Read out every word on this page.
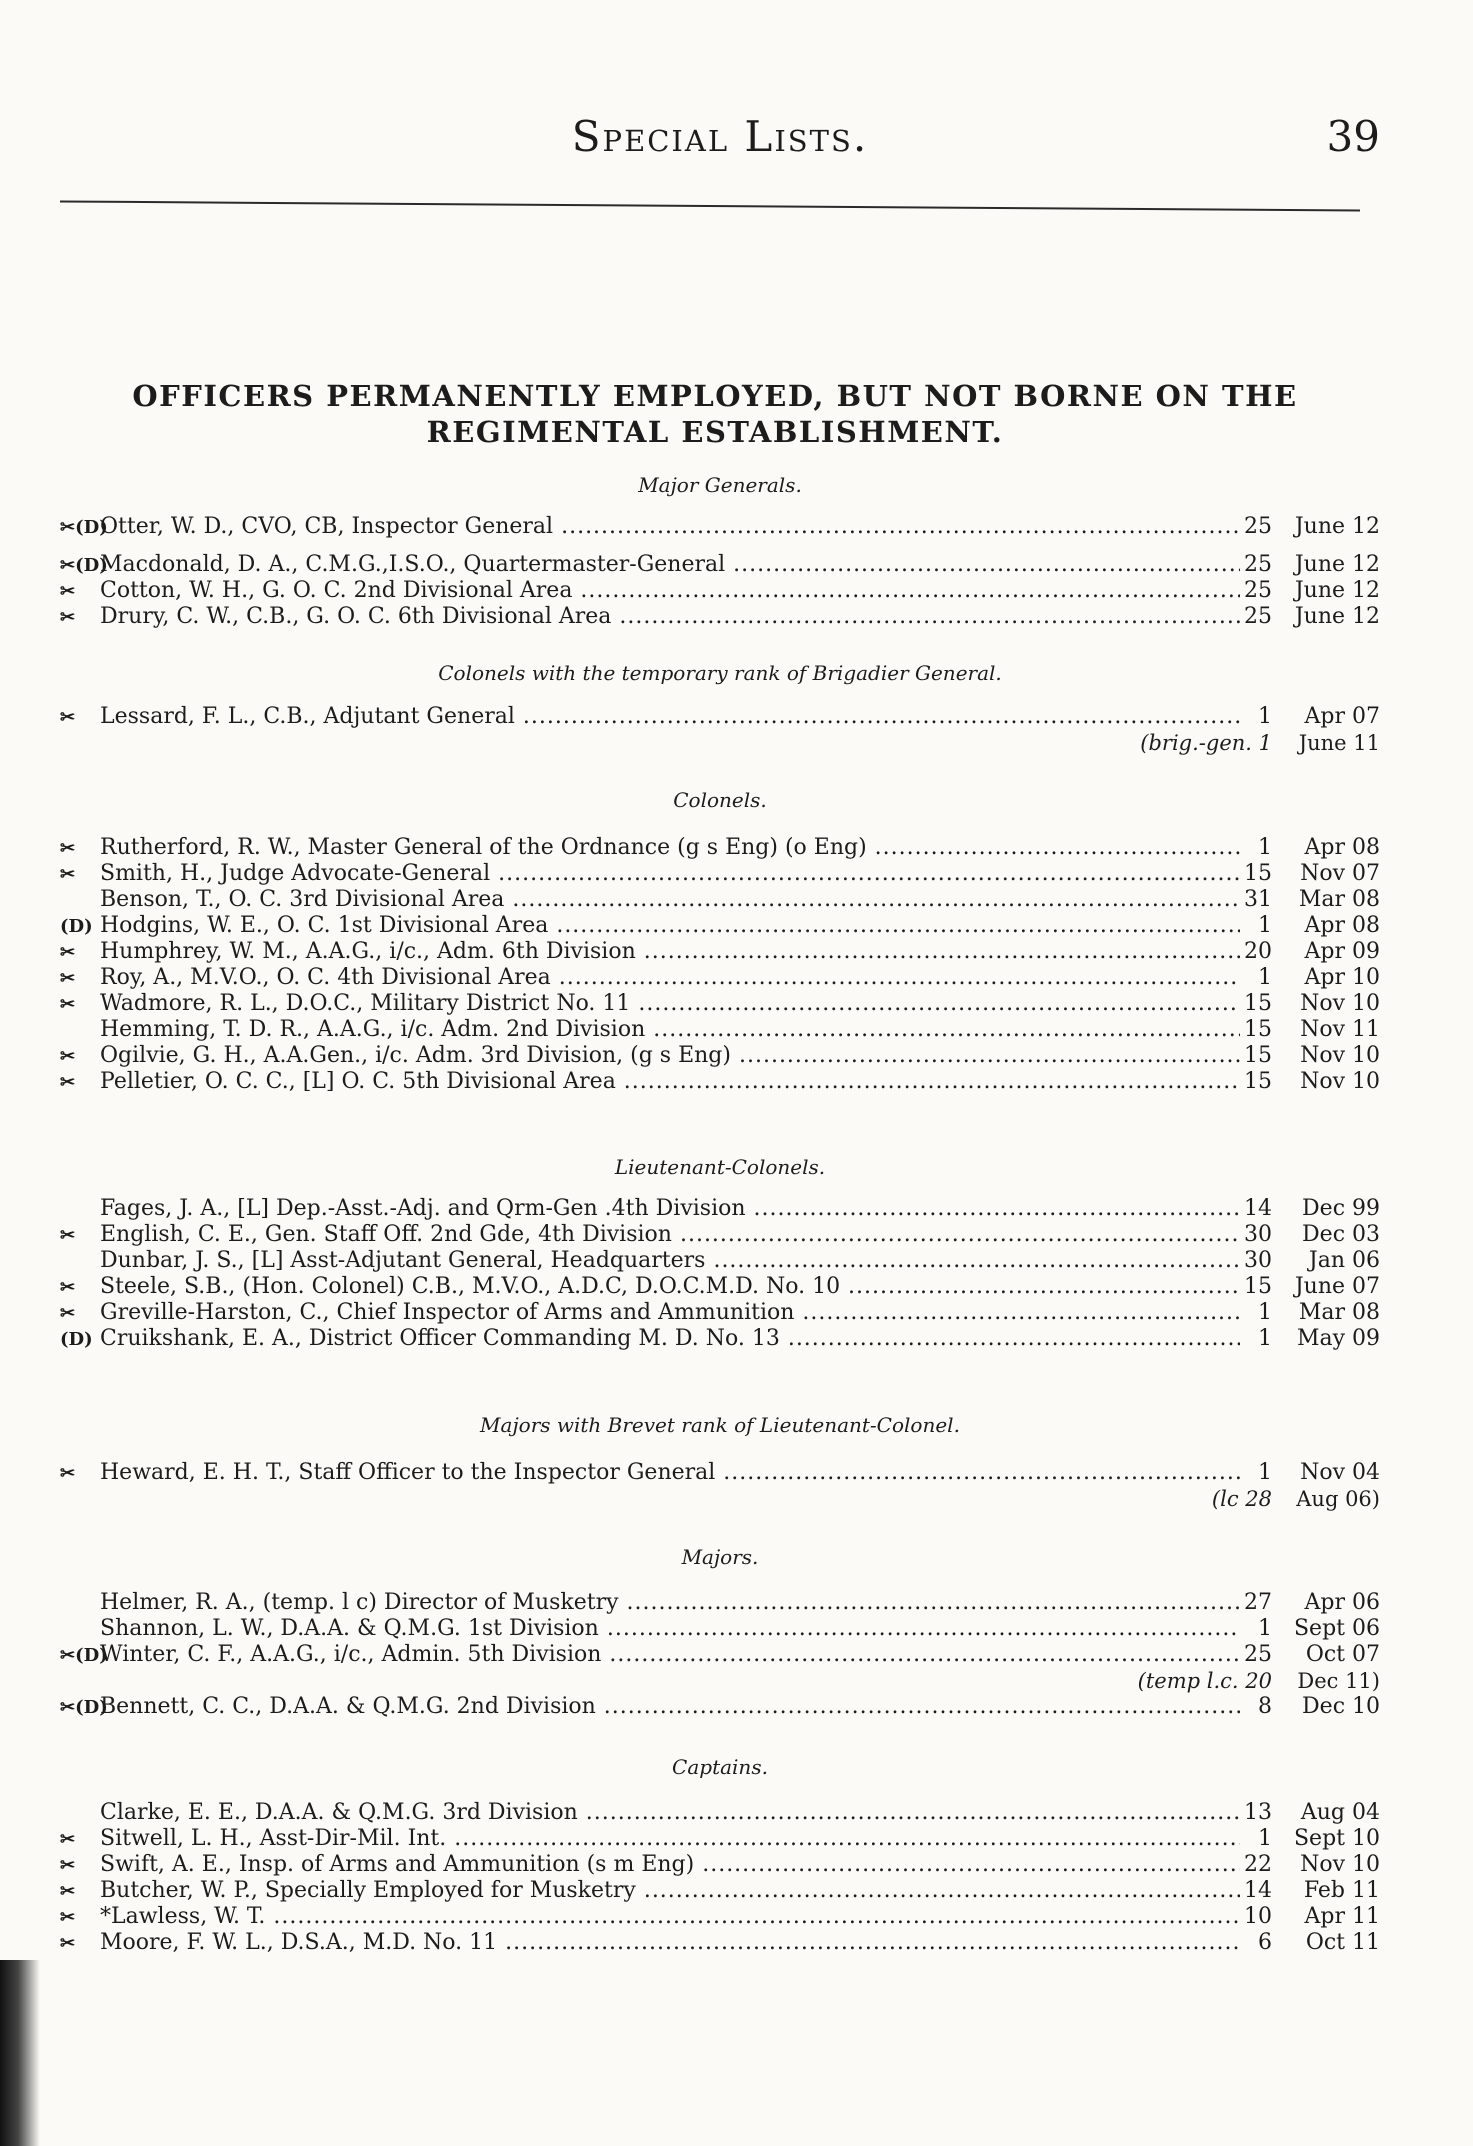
Special Lists.	39
OFFICERS PERMANENTLY EMPLOYED, BUT NOT BORNE ON THE
REGIMENTAL ESTABLISHMENT.
Major Generals.
✂(D)
Otter, W. D., CVO, CB, Inspector General .....	25	June 12
✂(D)
Macdonald, D. A., C.M.G.,I.S.O., Quartermaster-General .....	25	June 12
✂ Cotton, W. H., G. O. C. 2nd Divisional Area .....	25	June 12
✂ Drury, C. W., C.B., G. O. C. 6th Divisional Area .....	25	June 12
Colonels with the temporary rank of Brigadier General.
✂ Lessard, F. L., C.B., Adjutant General .....	1	Apr 07
(brig.-gen. 1	June 11
Colonels.
✂ Rutherford, R. W., Master General of the Ordnance (g s Eng) (o Eng) .....	1	Apr 08
✂ Smith, H., Judge Advocate-General .....	15	Nov 07
Benson, T., O. C. 3rd Divisional Area .....	31	Mar 08
(D) Hodgins, W. E., O. C. 1st Divisional Area .....	1	Apr 08
✂ Humphrey, W. M., A.A.G., i/c., Adm. 6th Division .....	20	Apr 09
✂ Roy, A., M.V.O., O. C. 4th Divisional Area .....	1	Apr 10
✂ Wadmore, R. L., D.O.C., Military District No. 11 .....	15	Nov 10
Hemming, T. D. R., A.A.G., i/c. Adm. 2nd Division .....	15	Nov 11
✂ Ogilvie, G. H., A.A.Gen., i/c. Adm. 3rd Division, (g s Eng) .....	15	Nov 10
✂ Pelletier, O. C. C., [L] O. C. 5th Divisional Area .....	15	Nov 10
Lieutenant-Colonels.
Fages, J. A., [L] Dep.-Asst.-Adj. and Qrm-Gen .4th Division .....	14	Dec 99
✂ English, C. E., Gen. Staff Off. 2nd Gde, 4th Division .....	30	Dec 03
Dunbar, J. S., [L] Asst-Adjutant General, Headquarters .....	30	Jan 06
✂ Steele, S.B., (Hon. Colonel) C.B., M.V.O., A.D.C, D.O.C.M.D. No. 10 .....	15	June 07
✂ Greville-Harston, C., Chief Inspector of Arms and Ammunition .....	1	Mar 08
(D) Cruikshank, E. A., District Officer Commanding M. D. No. 13 .....	1	May 09
Majors with Brevet rank of Lieutenant-Colonel.
✂ Heward, E. H. T., Staff Officer to the Inspector General .....	1	Nov 04
(lc 28	Aug 06)
Majors.
Helmer, R. A., (temp. l c) Director of Musketry .....	27	Apr 06
Shannon, L. W., D.A.A. & Q.M.G. 1st Division .....	1 Sept 06
✂(D)
Winter, C. F., A.A.G., i/c., Admin. 5th Division .....	25	Oct 07
(temp l.c. 20	Dec 11)
✂(D)
Bennett, C. C., D.A.A. & Q.M.G. 2nd Division .....	8	Dec 10
Captains.
Clarke, E. E., D.A.A. & Q.M.G. 3rd Division .....	13	Aug 04
✂ Sitwell, L. H., Asst-Dir-Mil. Int. .....	1 Sept 10
✂ Swift, A. E., Insp. of Arms and Ammunition (s m Eng) .....	22	Nov 10
✂ Butcher, W. P., Specially Employed for Musketry .....	14	Feb 11
✂ *Lawless, W. T. .....	10	Apr 11
✂ Moore, F. W. L., D.S.A., M.D. No. 11 .....	6	Oct 11
